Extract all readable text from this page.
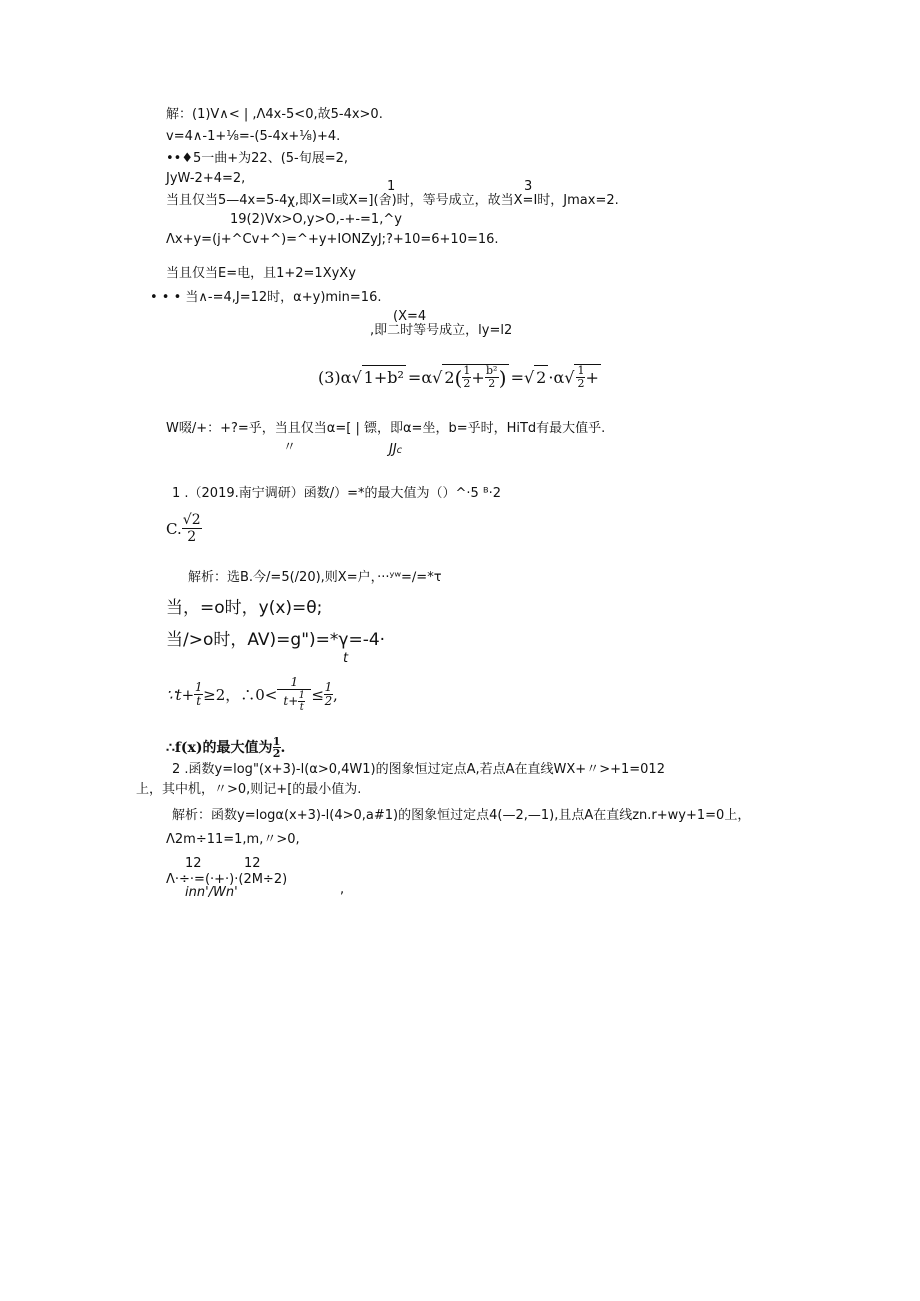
解：(1)V∧< | ,Λ4x-5<0,故5-4x>0.
v=4∧-1+⅛=-(5-4x+⅛)+4.
••♦5一曲+为22、(5-旬展=2,
JyW-2+4=2,
1	3
当且仅当5—4x=5-4χ,即X=I或X=](舍)时，等号成立，故当X=I时，Jmax=2.
19(2)Vx>O,y>O,-+-=1,^y
Λx+y=(j+^Cv+^)=^+y+IONZyJ;?+10=6+10=16.
当且仅当E=电，且1+2=1XyXy
• • • 当∧-=4,J=12时，α+y)min=16.
(X=4
,即二时等号成立，ly=l2
(3)α √ 1+b² =α √ 2 ( 1
2 + b²
2 ) = √ 2 ·α √ 1
2 +
W啜/+：+?=乎，当且仅当α=[ | 镖，即α=坐，b=乎时，HiTd有最大值乎.
〃	JJc
1 .（2019.南宁调研）函数/）=*的最大值为（）^·5 ᴮ·2
C. √2
2
解析：选B.今/=5(/20),则X=户，···ʸʷ=∕=*τ
当，=o时，y(x)=θ;
当/>o时，AV)=g")=*γ=-4·
t
∵t+ 1
t ≥2，∴0<
1
t+ 1
t
≤ 1
2 ,
∴f(x)的最大值为 1
2 .
2 .函数y=log"(x+3)-l(α>0,4W1)的图象恒过定点A,若点A在直线WX+〃>+1=012
上，其中机，〃>0,则记+[的最小值为.
解析：函数y=logα(x+3)-l(4>0,a#1)的图象恒过定点4(—2,—1),且点A在直线zn.r+wy+1=0上，
Λ2m÷11=1,m,〃>0,
12	12
Λ·÷·=(·+·)·(2M÷2)
inn'/Wn'	,
